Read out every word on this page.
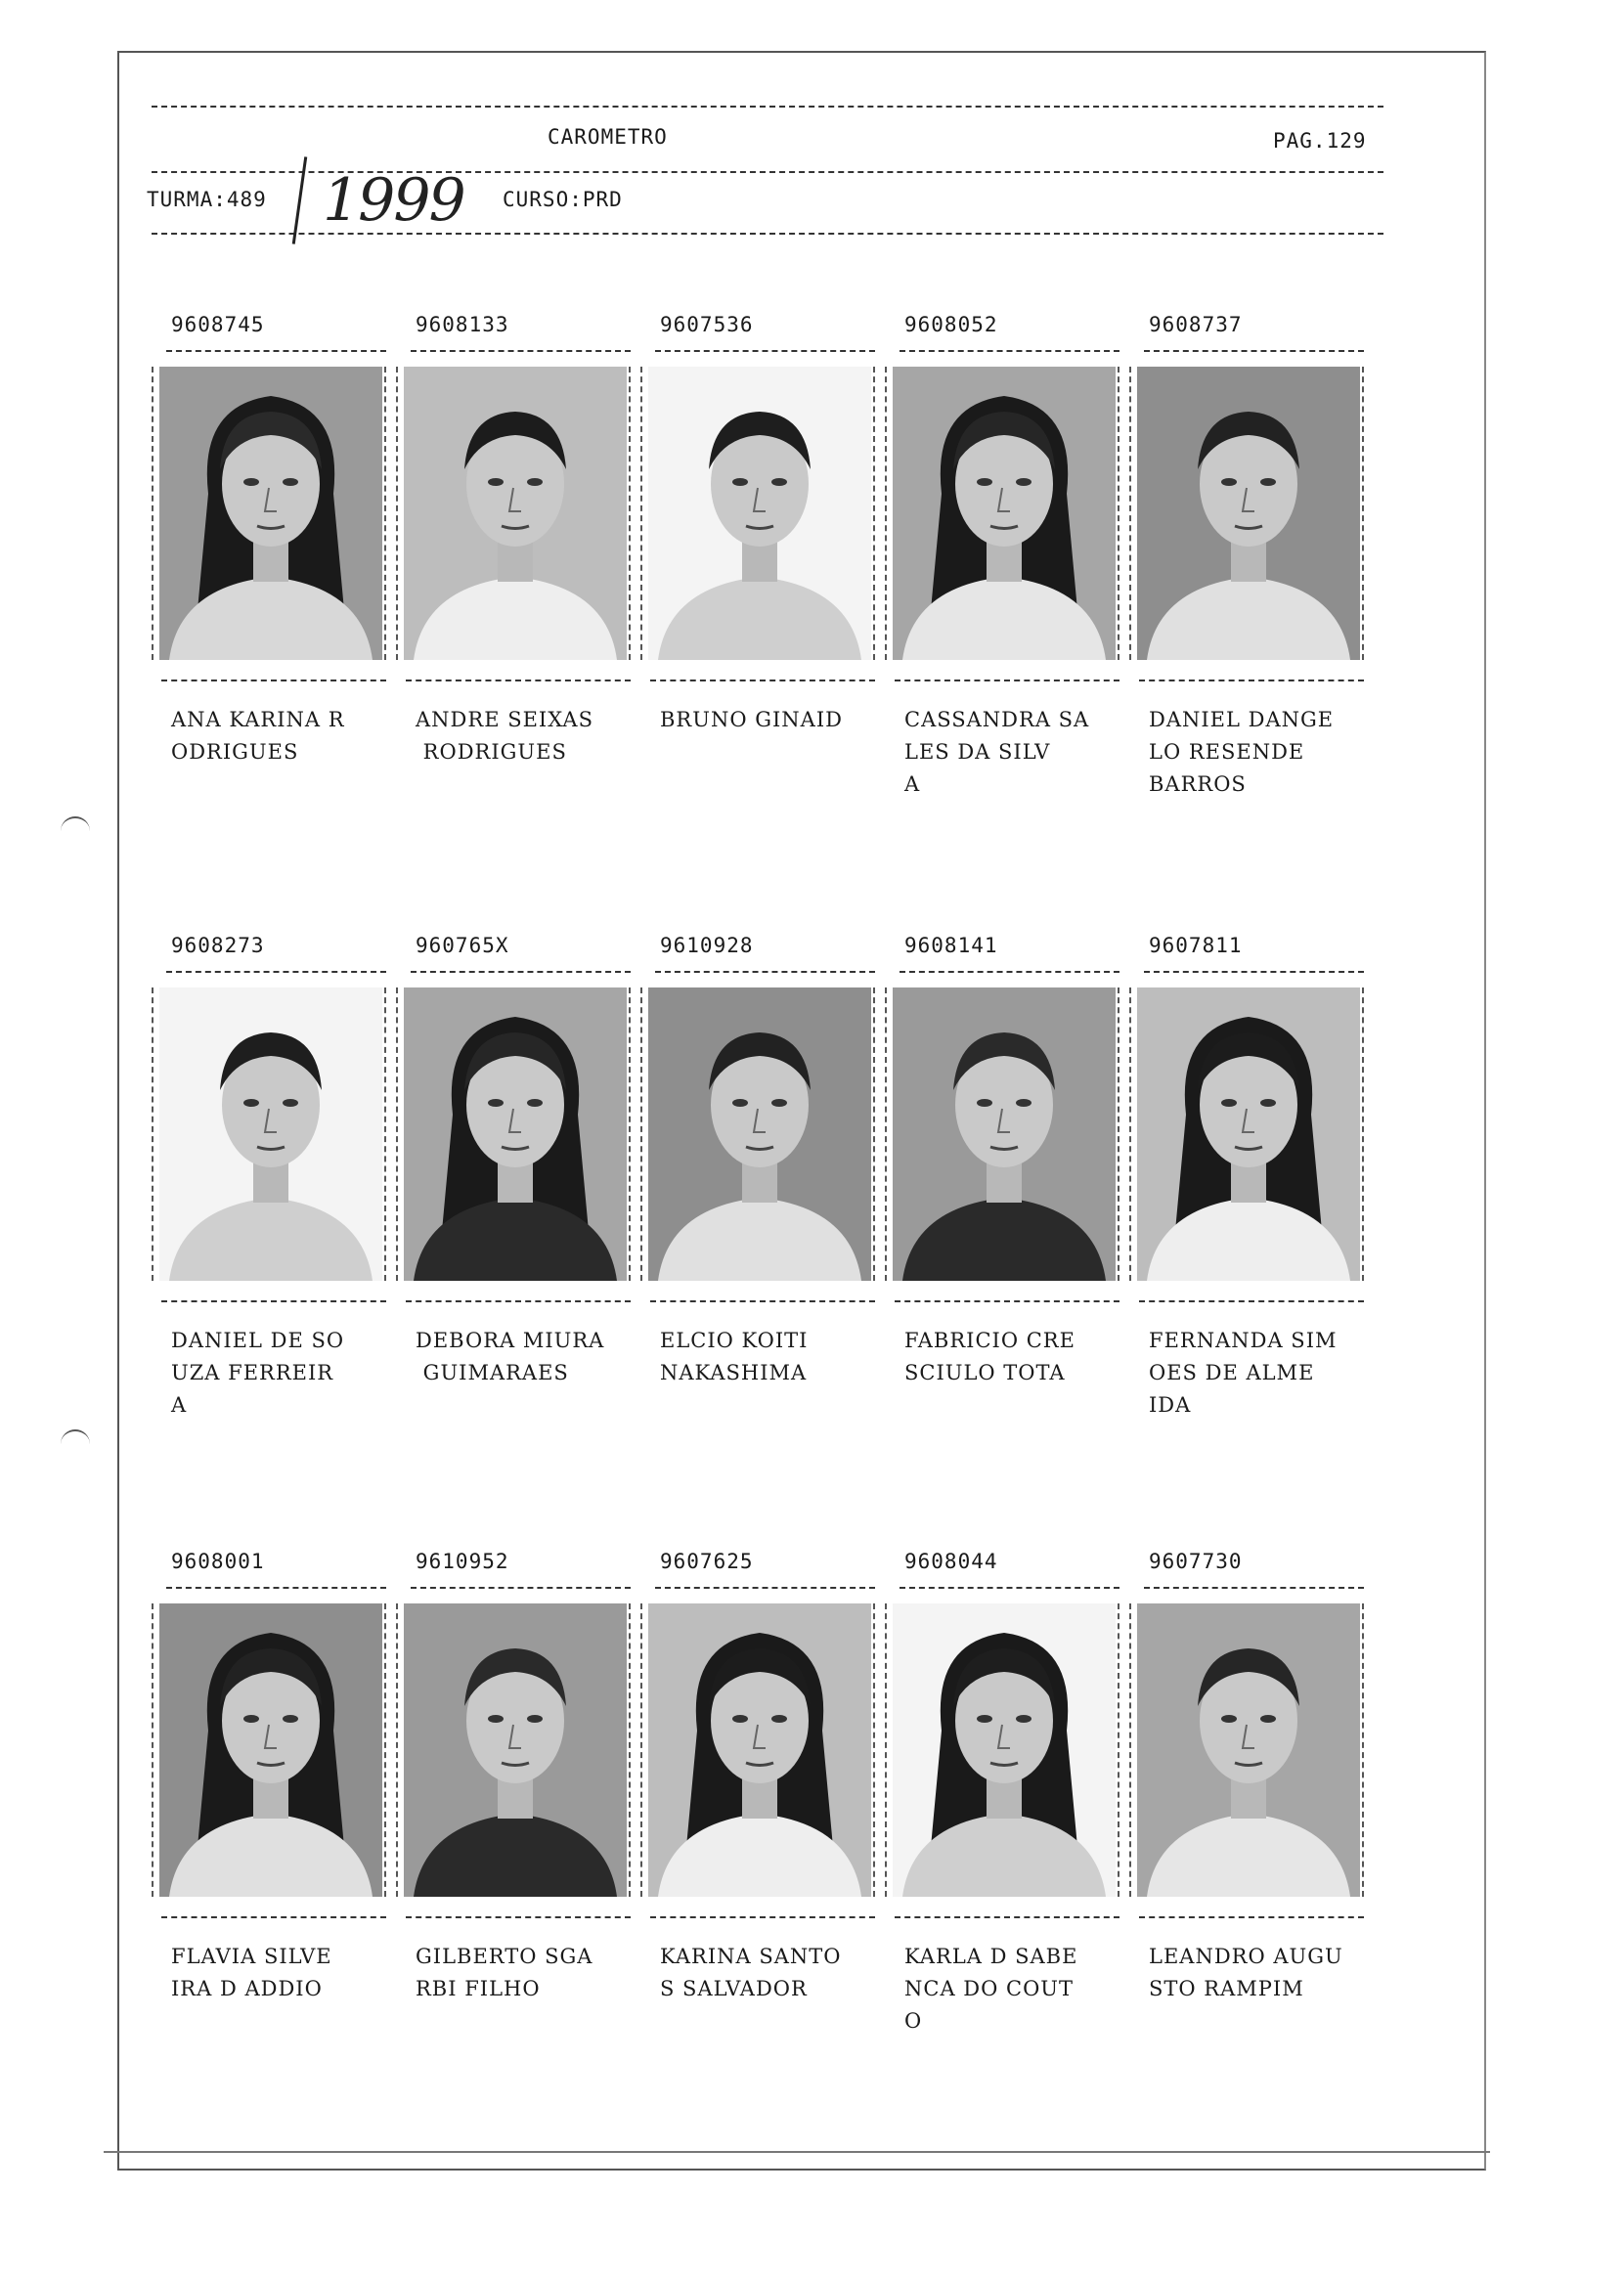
CAROMETRO	PAG.129
TURMA:489	CURSO:PRD
1999
9608745
ANA KARINA R
ODRIGUES
9608133
ANDRE SEIXAS
RODRIGUES
9607536
BRUNO GINAID
9608052
CASSANDRA SA
LES DA SILV
A
9608737
DANIEL DANGE
LO RESENDE
BARROS
9608273
DANIEL DE SO
UZA FERREIR
A
960765X
DEBORA MIURA
GUIMARAES
9610928
ELCIO KOITI
NAKASHIMA
9608141
FABRICIO CRE
SCIULO TOTA
9607811
FERNANDA SIM
OES DE ALME
IDA
9608001
FLAVIA SILVE
IRA D ADDIO
9610952
GILBERTO SGA
RBI FILHO
9607625
KARINA SANTO
S SALVADOR
9608044
KARLA D SABE
NCA DO COUT
O
9607730
LEANDRO AUGU
STO RAMPIM
